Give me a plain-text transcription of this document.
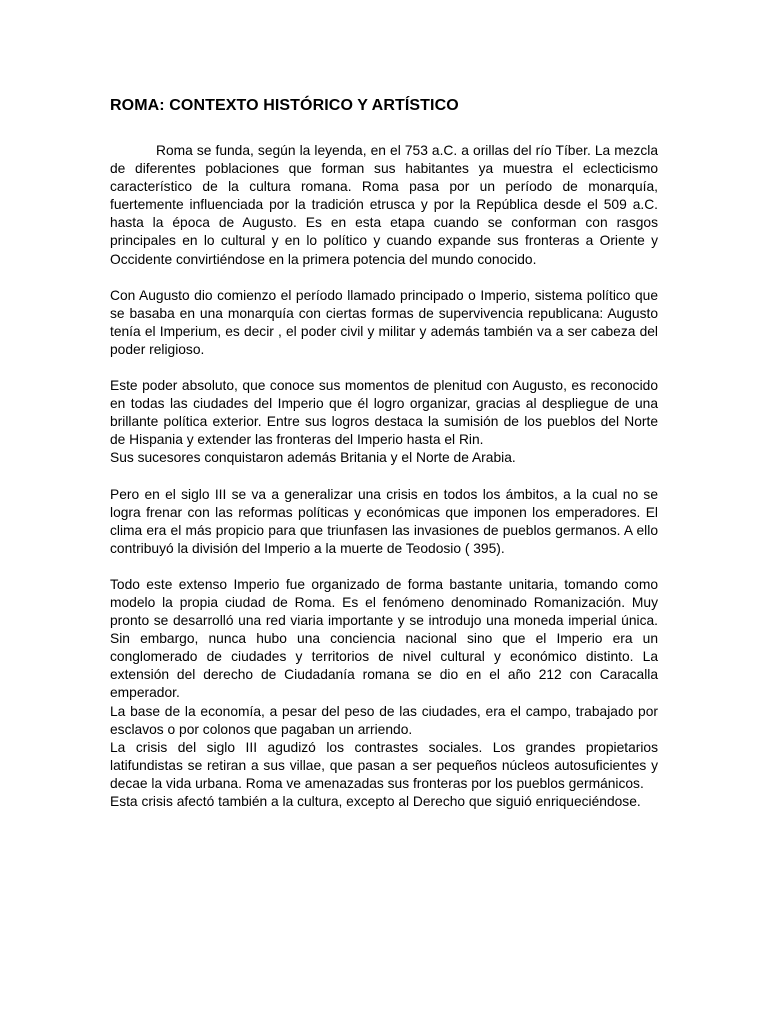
ROMA: CONTEXTO HISTÓRICO Y ARTÍSTICO

Roma se funda, según la leyenda, en el 753 a.C. a orillas del río Tíber. La mezcla de diferentes poblaciones que forman sus habitantes ya muestra el eclecticismo característico de la cultura romana. Roma pasa por un período de monarquía, fuertemente influenciada por la tradición etrusca y por la República desde el 509 a.C. hasta la época de Augusto. Es en esta etapa cuando se conforman con rasgos principales en lo cultural y en lo político y cuando expande sus fronteras a Oriente y Occidente convirtiéndose en la primera potencia del mundo conocido.

Con Augusto dio comienzo el período llamado principado o Imperio, sistema político que se basaba en una monarquía con ciertas formas de supervivencia republicana: Augusto tenía el Imperium, es decir , el poder civil y militar y además también va a ser cabeza del poder religioso.

Este poder absoluto, que conoce sus momentos de plenitud con Augusto, es reconocido en todas las ciudades del Imperio que él logro organizar, gracias al despliegue de una brillante política exterior. Entre sus logros destaca la sumisión de los pueblos del Norte de Hispania y extender las fronteras del Imperio hasta el Rin.

Sus sucesores conquistaron además Britania y el Norte de Arabia.

Pero en el siglo III se va a generalizar una crisis en todos los ámbitos, a la cual no se logra frenar con las reformas políticas y económicas que imponen los emperadores. El clima era el más propicio para que triunfasen las invasiones de pueblos germanos. A ello contribuyó la división del Imperio a la muerte de Teodosio ( 395).

Todo este extenso Imperio fue organizado de forma bastante unitaria, tomando como modelo la propia ciudad de Roma. Es el fenómeno denominado Romanización. Muy pronto se desarrolló una red viaria importante y se introdujo una moneda imperial única. Sin embargo, nunca hubo una conciencia nacional sino que el Imperio era un conglomerado de ciudades y territorios de nivel cultural y económico distinto. La extensión del derecho de Ciudadanía romana se dio en el año 212 con Caracalla emperador.

La base de la economía, a pesar del peso de las ciudades, era el campo, trabajado por esclavos o por colonos que pagaban un arriendo.

La crisis del siglo III agudizó los contrastes sociales. Los grandes propietarios latifundistas se retiran a sus villae, que pasan a ser pequeños núcleos autosuficientes y decae la vida urbana. Roma ve amenazadas sus fronteras por los pueblos germánicos.

Esta crisis afectó también a la cultura, excepto al Derecho que siguió enriqueciéndose.
